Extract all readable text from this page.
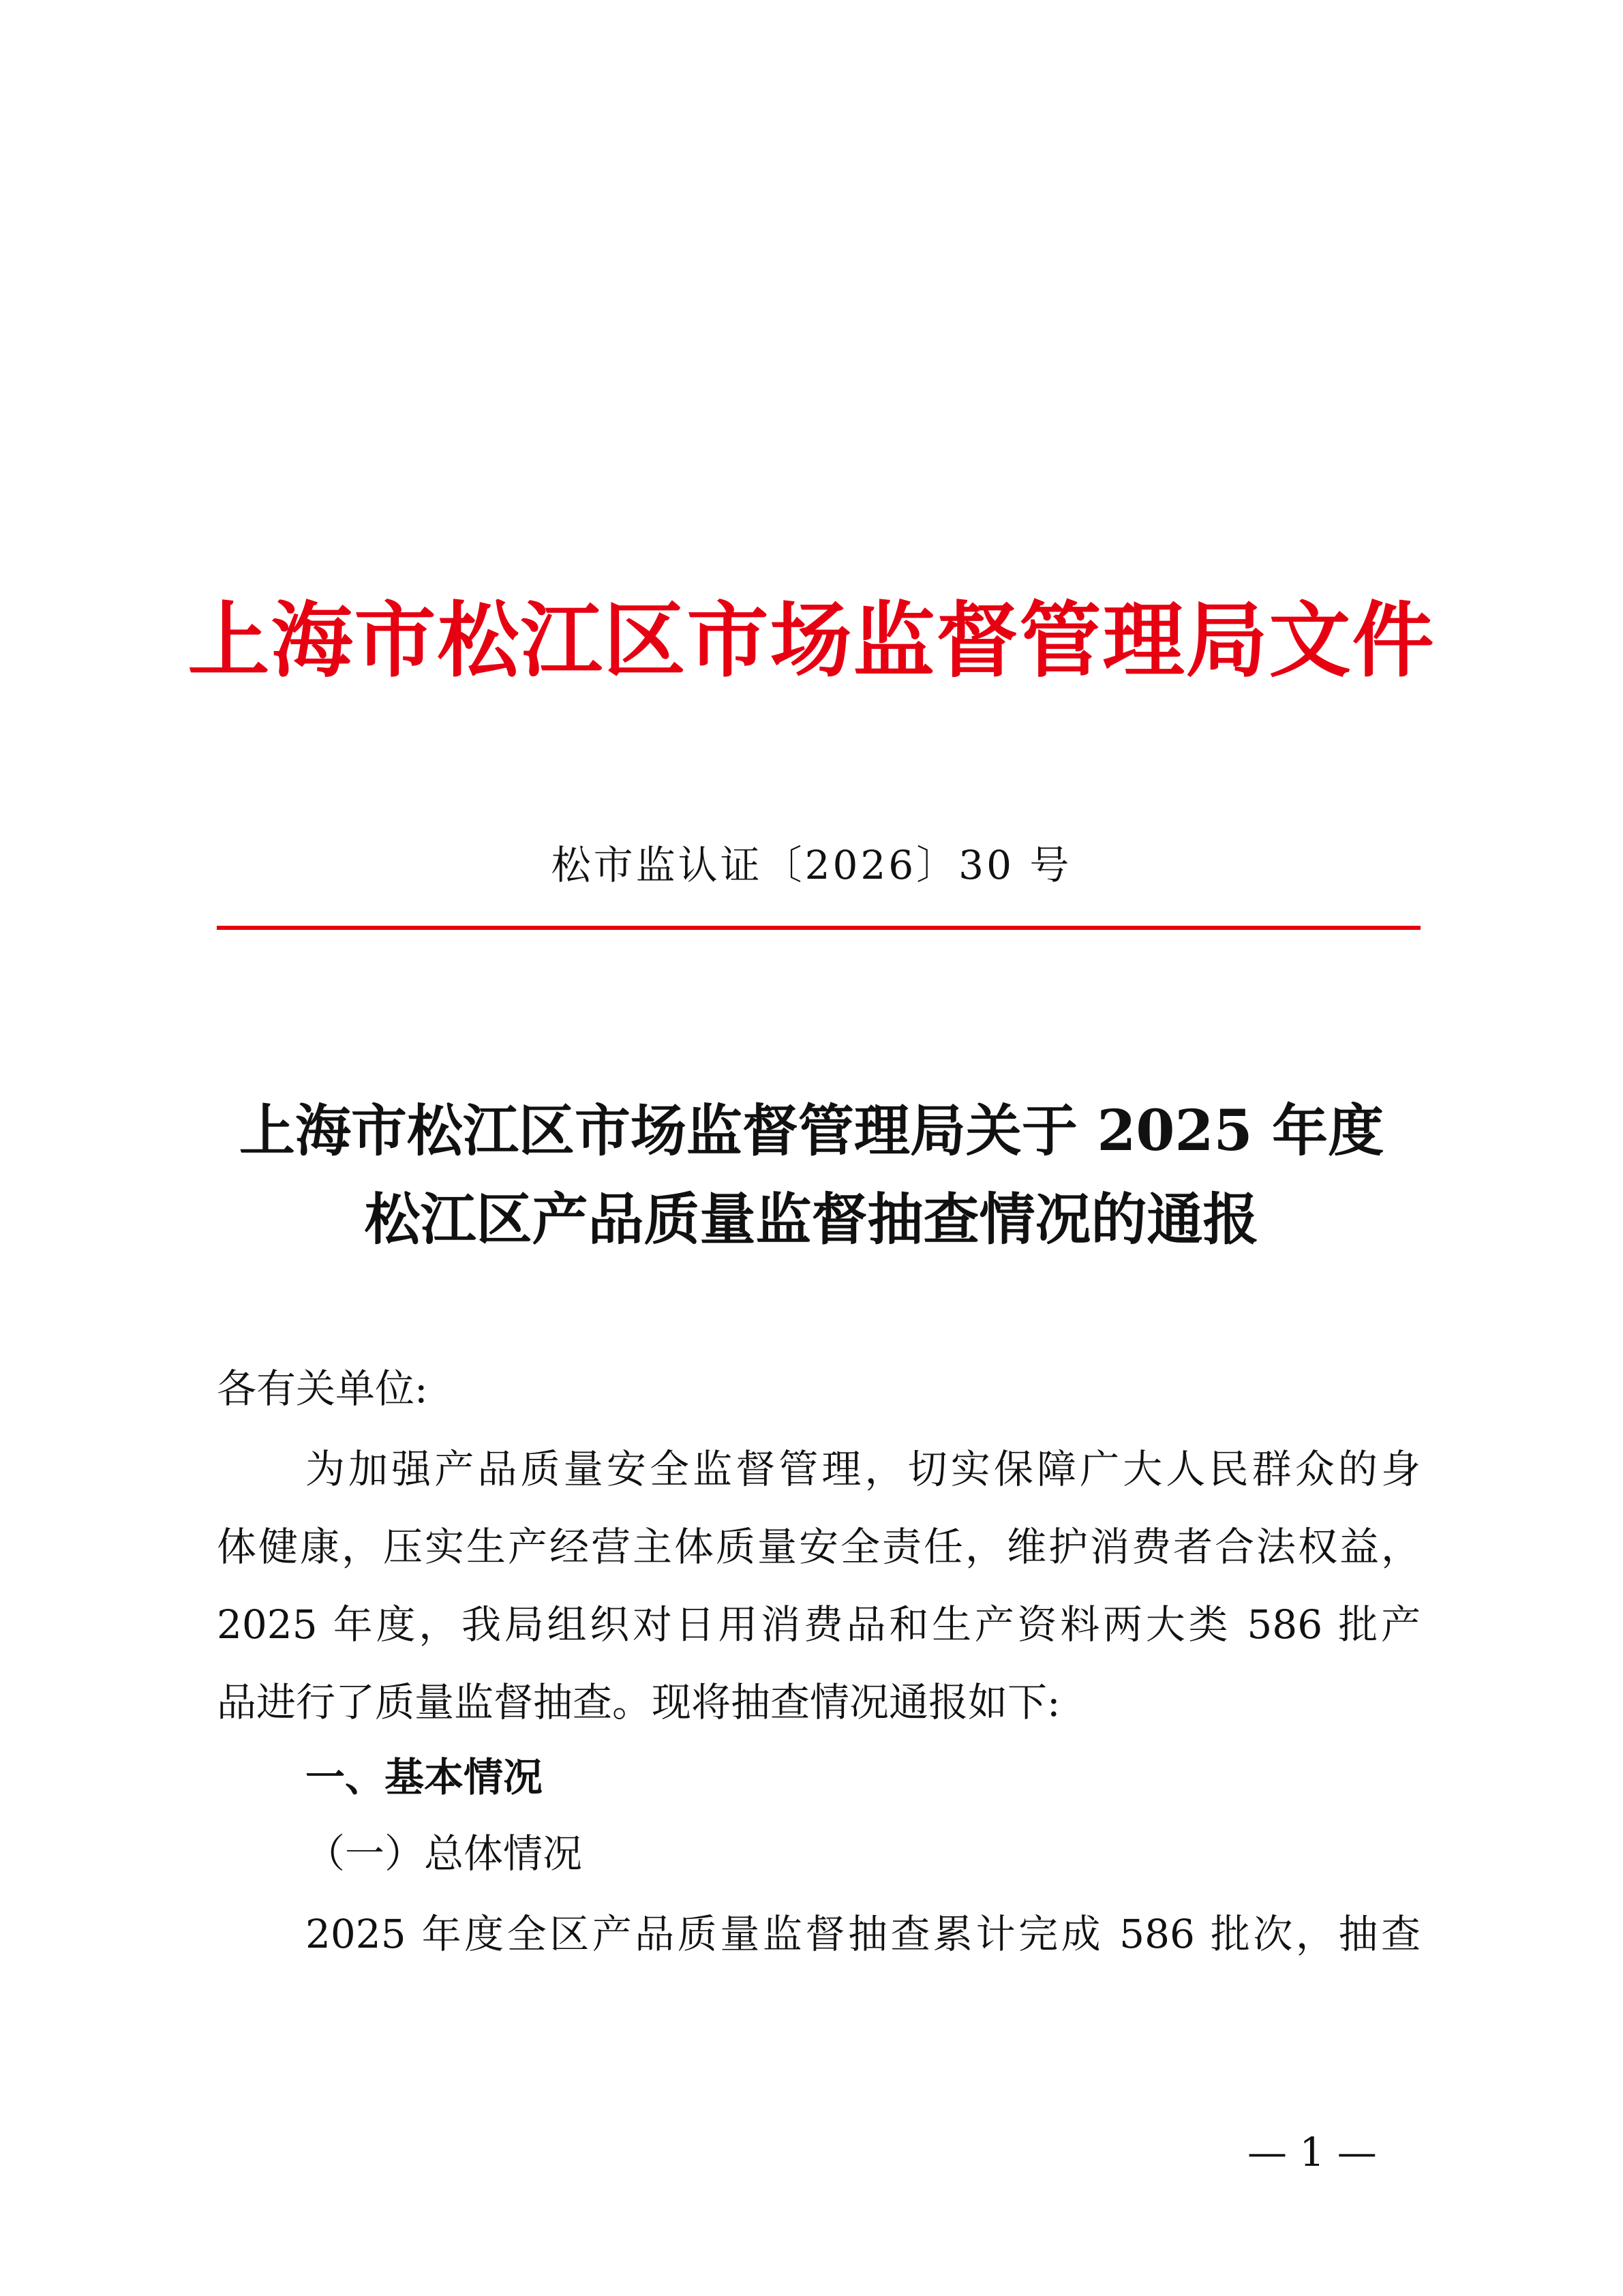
上海市松江区市场监督管理局文件
松市监认证〔2026〕30 号
上海市松江区市场监督管理局关于 2025 年度
松江区产品质量监督抽查情况的通报
各有关单位:
为加强产品质量安全监督管理，切实保障广大人民群众的身
体健康，压实生产经营主体质量安全责任，维护消费者合法权益，
2025 年度，我局组织对日用消费品和生产资料两大类 586 批产
品进行了质量监督抽查。现将抽查情况通报如下:
一、基本情况
（一）总体情况
2025 年度全区产品质量监督抽查累计完成 586 批次，抽查
— 1 —
